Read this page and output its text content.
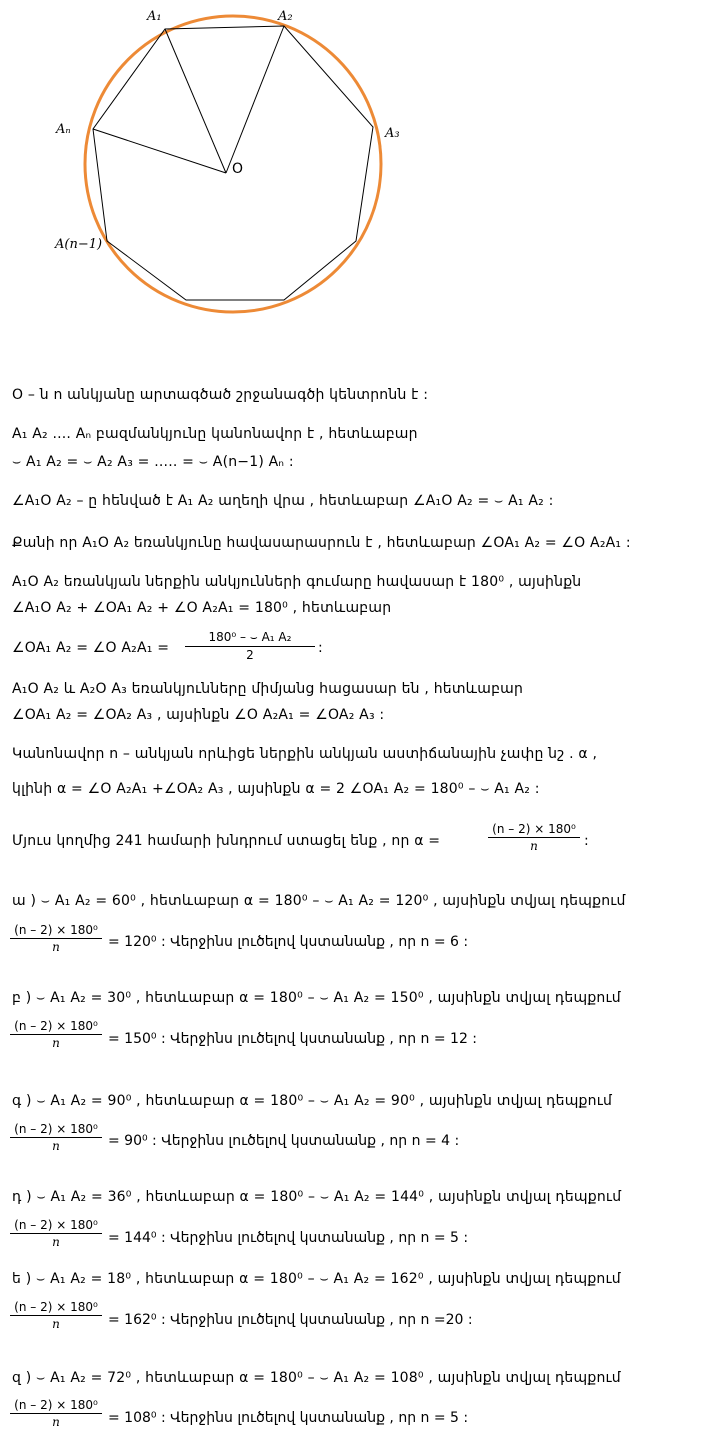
A₁	A₂
A₃
Aₙ
A(n−1)
O
O – ն n անկյանը արտագծած շրջանագծի կենտրոնն է :
A₁ A₂ .... Aₙ բազմանկյունը կանոնավոր է , հետևաբար
⌣ A₁ A₂ = ⌣ A₂ A₃ = ..... = ⌣ A(n−1) Aₙ :
∠A₁O A₂ – ը հենված է A₁ A₂ աղեղի վրա , հետևաբար ∠A₁O A₂ = ⌣ A₁ A₂ :
Քանի որ A₁O A₂ եռանկյունը հավասարասրուն է , հետևաբար ∠OA₁ A₂ = ∠O A₂A₁ :
A₁O A₂ եռանկյան ներքին անկյունների գումարը հավասար է 180⁰ , այսինքն
∠A₁O A₂ + ∠OA₁ A₂ + ∠O A₂A₁ = 180⁰ , հետևաբար
∠OA₁ A₂ = ∠O $A_2A_1 = \frac{\text{180⁰ – ⌣ A₁ A₂}}{2}$ :
A₁O A₂ և A₂O A₃ եռանկյունները միմյանց հացասար են , հետևաբար
∠OA₁ A₂ = ∠OA₂ A₃ , այսինքն ∠O A₂A₁ = ∠OA₂ A₃ :
Կանոնավոր n – անկյան որևիցե ներքին անկյան աստիճանային չափը նշ . α ,
կլինի α = ∠O A₂A₁ +∠OA₂ A₃ , այսինքն α = 2 ∠OA₁ A₂ = 180⁰ – ⌣ A₁ A₂ :
Մյուս կողմից 241 համարի խնդրում ստացել ենք , որ α =	$\frac{\text{(n – 2) × 180⁰}}{n}$ :
ա ) ⌣ A₁ A₂ = 60⁰ , հետևաբար α = 180⁰ – ⌣ A₁ A₂ = 120⁰ , այսինքն տվյալ դեպքում
$\frac{\text{(n – 2) × 180⁰}}{n} = 120^0$ : Վերջինս լուծելով կստանանք , որ n = 6 :
բ ) ⌣ A₁ A₂ = 30⁰ , հետևաբար α = 180⁰ – ⌣ A₁ A₂ = 150⁰ , այսինքն տվյալ դեպքում
$\frac{\text{(n – 2) × 180⁰}}{n} = 150^0$ : Վերջինս լուծելով կստանանք , որ n = 12 :
գ ) ⌣ A₁ A₂ = 90⁰ , հետևաբար α = 180⁰ – ⌣ A₁ A₂ = 90⁰ , այսինքն տվյալ դեպքում
$\frac{\text{(n – 2) × 180⁰}}{n} = 90^0$ : Վերջինս լուծելով կստանանք , որ n = 4 :
դ ) ⌣ A₁ A₂ = 36⁰ , հետևաբար α = 180⁰ – ⌣ A₁ A₂ = 144⁰ , այսինքն տվյալ դեպքում
$\frac{\text{(n – 2) × 180⁰}}{n} = 144^0$ : Վերջինս լուծելով կստանանք , որ n = 5 :
ե ) ⌣ A₁ A₂ = 18⁰ , հետևաբար α = 180⁰ – ⌣ A₁ A₂ = 162⁰ , այսինքն տվյալ դեպքում
$\frac{\text{(n – 2) × 180⁰}}{n} = 162^0$ : Վերջինս լուծելով կստանանք , որ n =20 :
զ ) ⌣ A₁ A₂ = 72⁰ , հետևաբար α = 180⁰ – ⌣ A₁ A₂ = 108⁰ , այսինքն տվյալ դեպքում
$\frac{\text{(n – 2) × 180⁰}}{n} = 108^0$ : Վերջինս լուծելով կստանանք , որ n = 5 :
